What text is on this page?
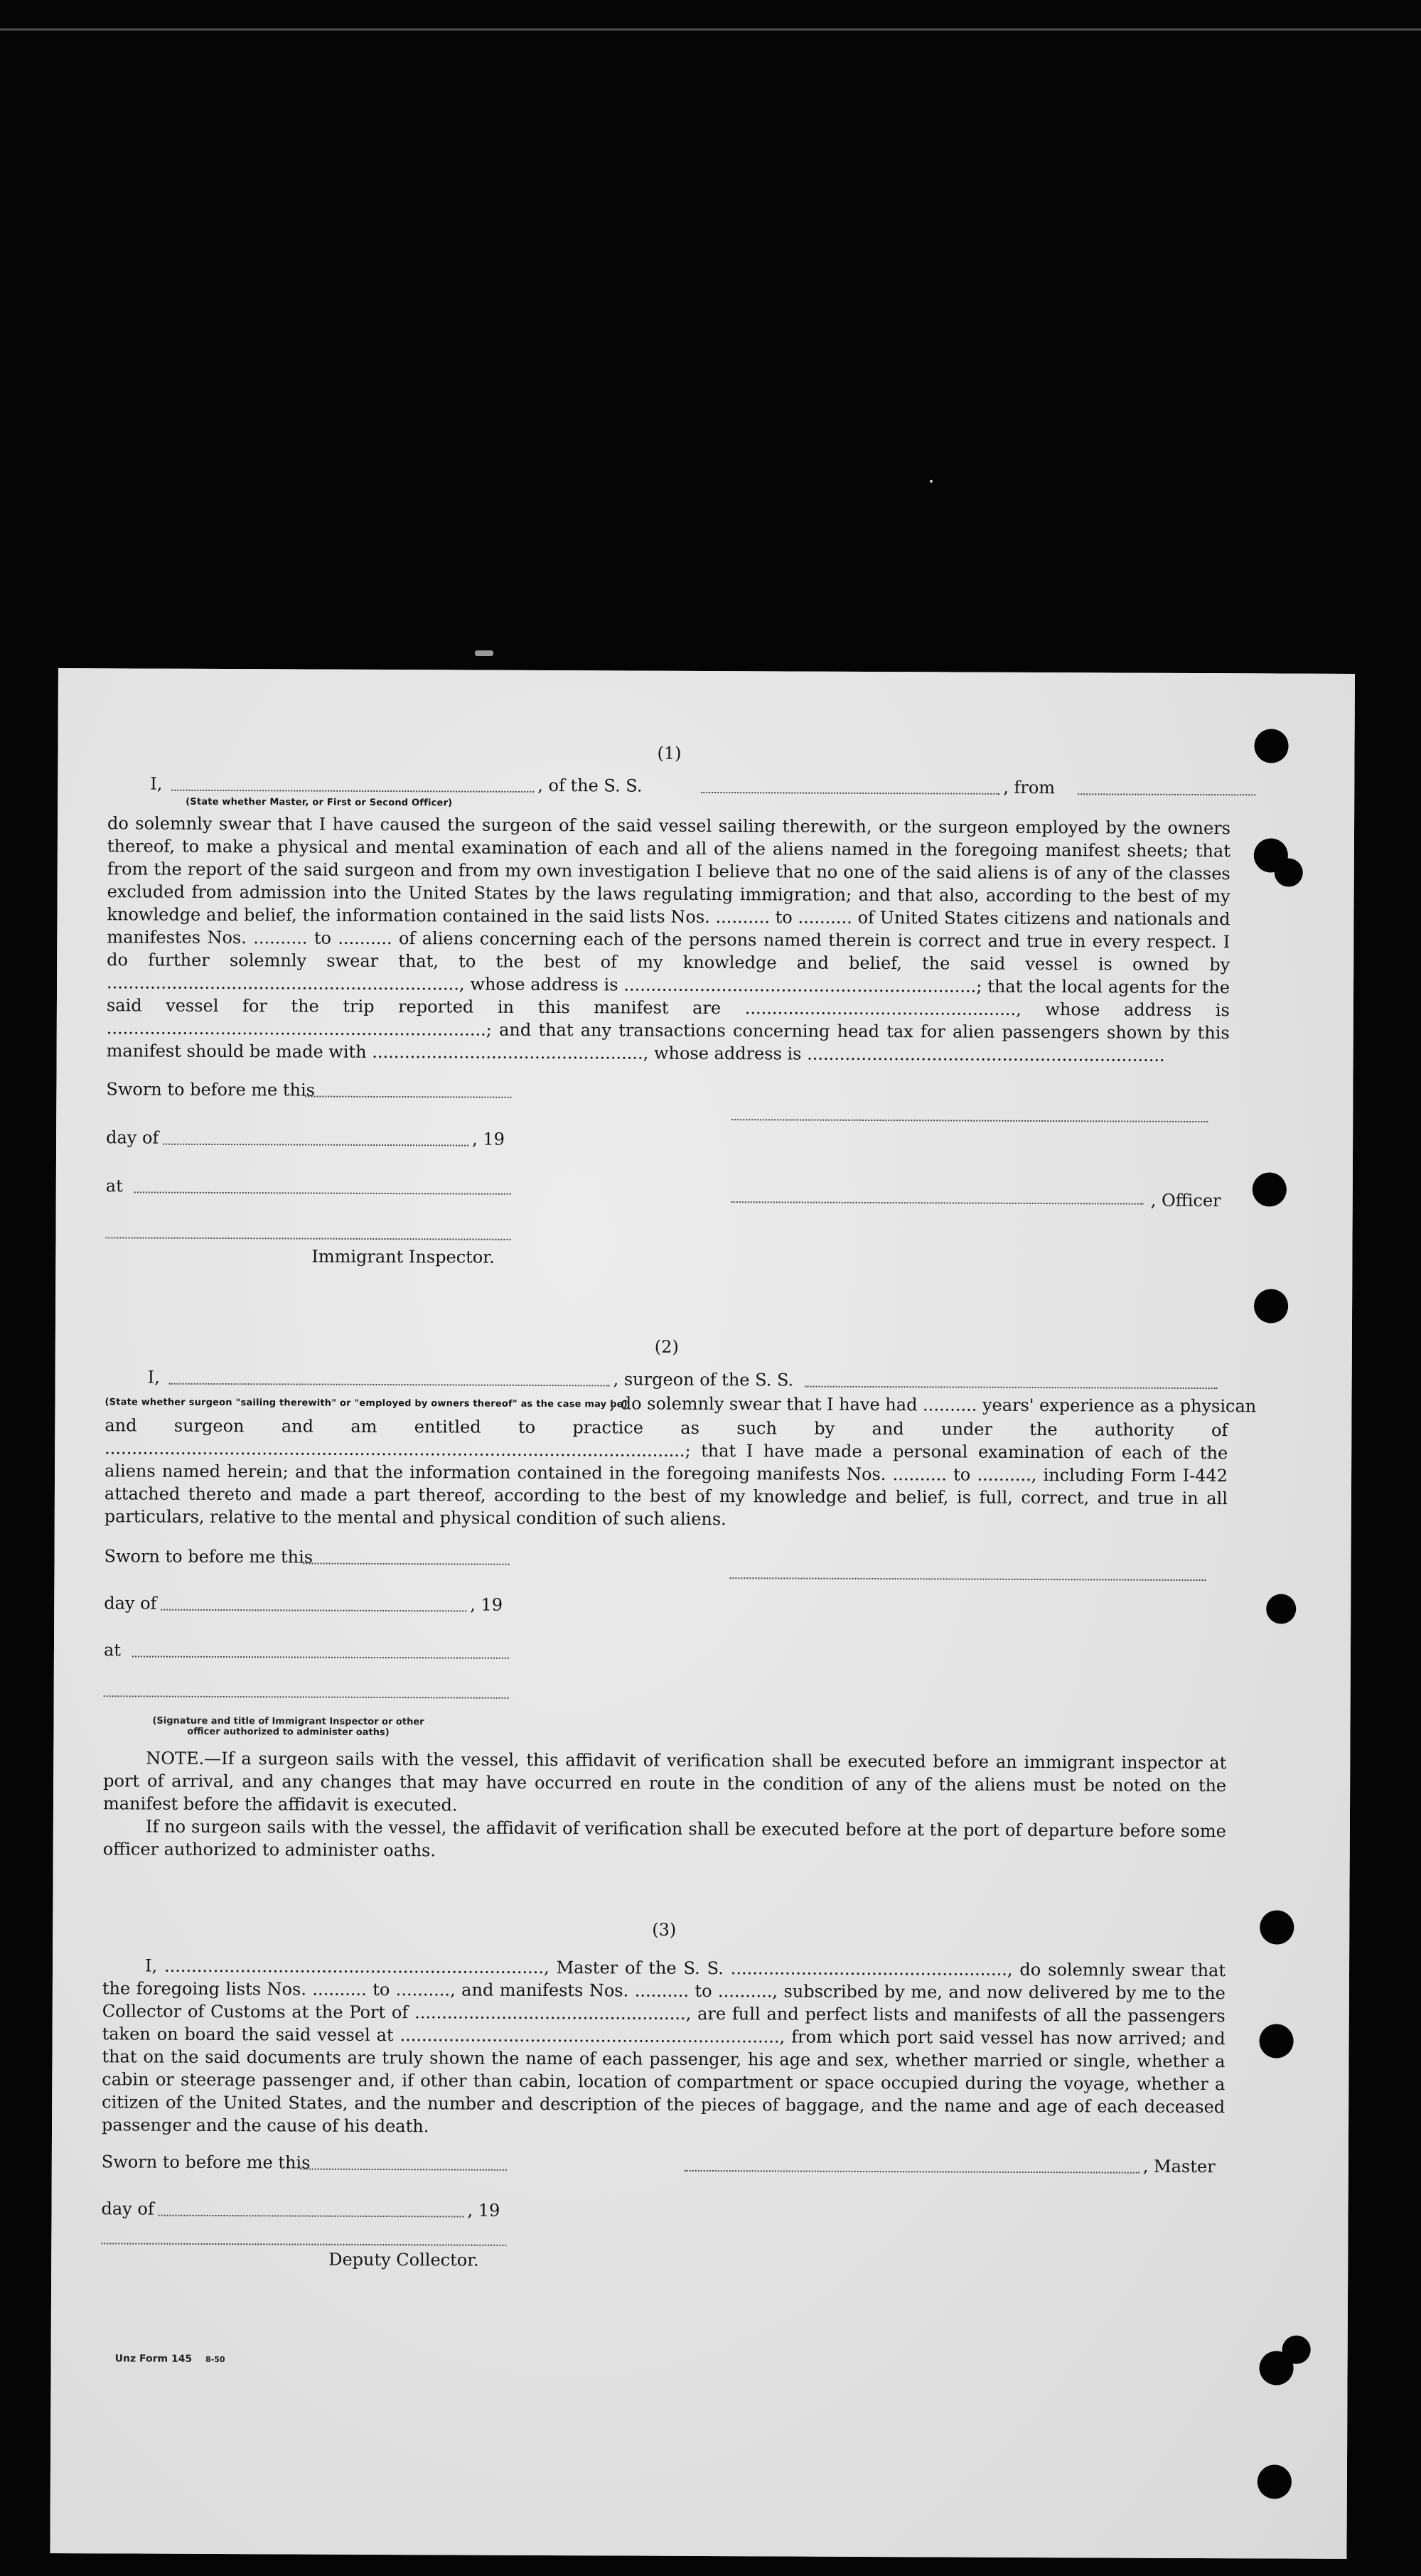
(1)
I,	, of the S. S.	, from
(State whether Master, or First or Second Officer)
do solemnly swear that I have caused the surgeon of the said vessel sailing therewith, or the surgeon employed by the owners thereof, to make a physical and mental examination of each and all of the aliens named in the foregoing manifest sheets; that from the report of the said surgeon and from my own investigation I believe that no one of the said aliens is of any of the classes excluded from admission into the United States by the laws regulating immigration; and that also, according to the best of my knowledge and belief, the information contained in the said lists Nos. .......... to .......... of United States citizens and nationals and manifestes Nos. .......... to .......... of aliens concerning each of the persons named therein is correct and true in every respect. I do further solemnly swear that, to the best of my knowledge and belief, the said vessel is owned by ................................................................., whose address is .................................................................; that the local agents for the said vessel for the trip reported in this manifest are .................................................., whose address is ......................................................................; and that any transactions concerning head tax for alien passengers shown by this manifest should be made with .................................................., whose address is ..................................................................
Sworn to before me this
day of	, 19
at
, Officer
Immigrant Inspector.
(2)
I,	, surgeon of the S. S.
(State whether surgeon "sailing therewith" or "employed by owners thereof" as the case may be)
, do solemnly swear that I have had .......... years' experience as a physican
and surgeon and am entitled to practice as such by and under the authority of ...........................................................................................................; that I have made a personal examination of each of the aliens named herein; and that the information contained in the foregoing manifests Nos. .......... to .........., including Form I-442 attached thereto and made a part thereof, according to the best of my knowledge and belief, is full, correct, and true in all particulars, relative to the mental and physical condition of such aliens.
Sworn to before me this
day of	, 19
at
(Signature and title of Immigrant Inspector or other
officer authorized to administer oaths)
NOTE.—If a surgeon sails with the vessel, this affidavit of verification shall be executed before an immigrant inspector at port of arrival, and any changes that may have occurred en route in the condition of any of the aliens must be noted on the manifest before the affidavit is executed.
If no surgeon sails with the vessel, the affidavit of verification shall be executed before at the port of departure before some officer authorized to administer oaths.
(3)
I, ......................................................................, Master of the S. S. ..................................................., do solemnly swear that the foregoing lists Nos. .......... to .........., and manifests Nos. .......... to .........., subscribed by me, and now delivered by me to the Collector of Customs at the Port of .................................................., are full and perfect lists and manifests of all the passengers taken on board the said vessel at ......................................................................, from which port said vessel has now arrived; and that on the said documents are truly shown the name of each passenger, his age and sex, whether married or single, whether a cabin or steerage passenger and, if other than cabin, location of compartment or space occupied during the voyage, whether a citizen of the United States, and the number and description of the pieces of baggage, and the name and age of each deceased passenger and the cause of his death.
Sworn to before me this	, Master
day of	, 19
Deputy Collector.
Unz Form 145 8-50
